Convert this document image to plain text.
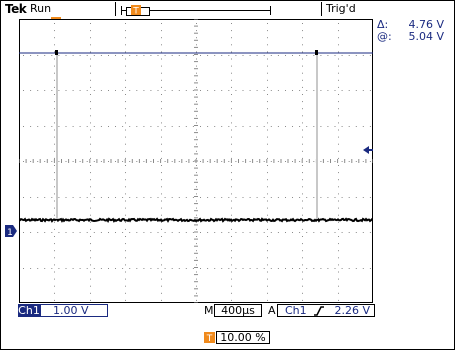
Tek Run	T	Trig'd
Δ: 4.76 V
@: 5.04 V
1
Ch1	1.00 V	M 400µs	A Ch1	2.26 V
T 10.00 %
